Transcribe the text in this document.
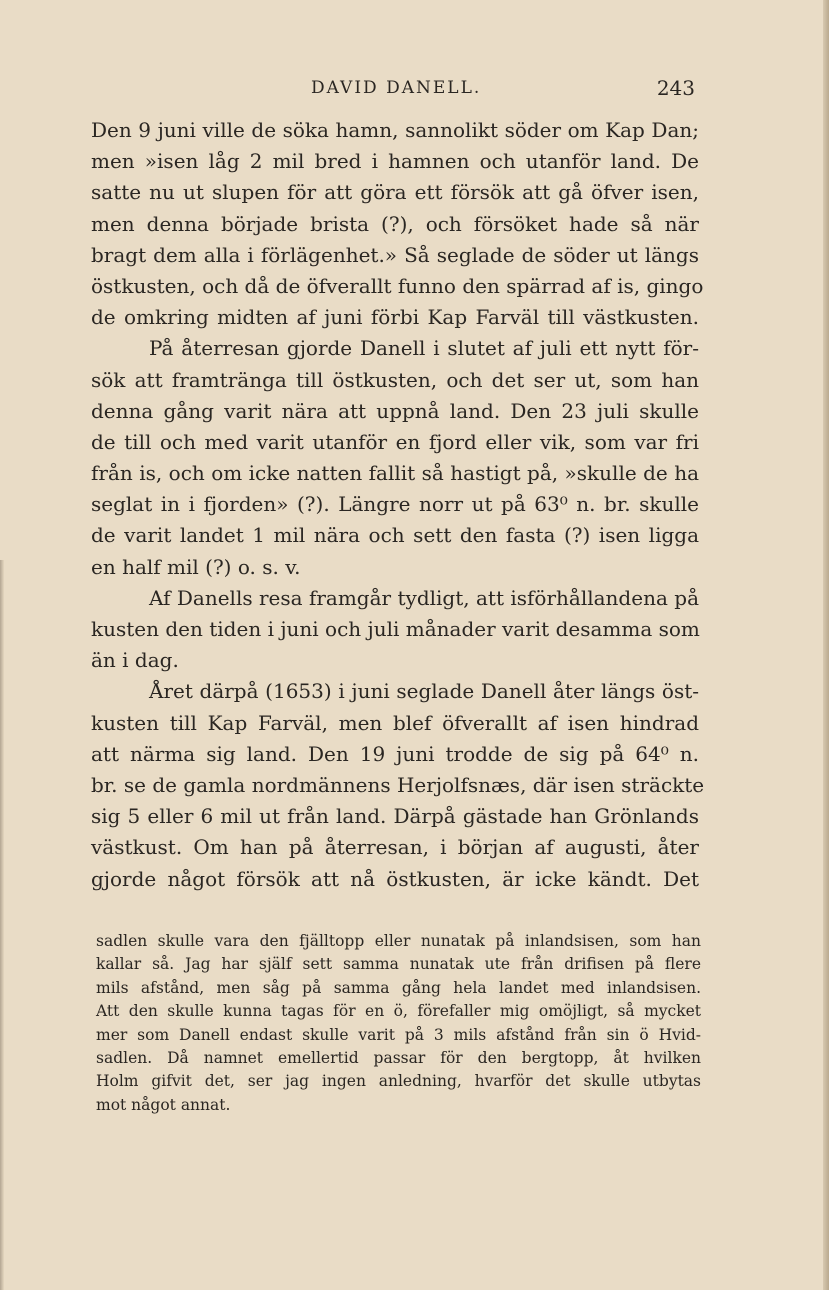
DAVID DANELL.	243
Den 9 juni ville de söka hamn, sannolikt söder om Kap Dan;
men »isen låg 2 mil bred i hamnen och utanför land. De
satte nu ut slupen för att göra ett försök att gå öfver isen,
men denna började brista (?), och försöket hade så när
bragt dem alla i förlägenhet.» Så seglade de söder ut längs
östkusten, och då de öfverallt funno den spärrad af is, gingo
de omkring midten af juni förbi Kap Farväl till västkusten.
På återresan gjorde Danell i slutet af juli ett nytt för-
sök att framtränga till östkusten, och det ser ut, som han
denna gång varit nära att uppnå land. Den 23 juli skulle
de till och med varit utanför en fjord eller vik, som var fri
från is, och om icke natten fallit så hastigt på, »skulle de ha
seglat in i fjorden» (?). Längre norr ut på 63⁰ n. br. skulle
de varit landet 1 mil nära och sett den fasta (?) isen ligga
en half mil (?) o. s. v.
Af Danells resa framgår tydligt, att isförhållandena på
kusten den tiden i juni och juli månader varit desamma som
än i dag.
Året därpå (1653) i juni seglade Danell åter längs öst-
kusten till Kap Farväl, men blef öfverallt af isen hindrad
att närma sig land. Den 19 juni trodde de sig på 64⁰ n.
br. se de gamla nordmännens Herjolfsnæs, där isen sträckte
sig 5 eller 6 mil ut från land. Därpå gästade han Grönlands
västkust. Om han på återresan, i början af augusti, åter
gjorde något försök att nå östkusten, är icke kändt. Det
sadlen skulle vara den fjälltopp eller nunatak på inlandsisen, som han
kallar så. Jag har själf sett samma nunatak ute från drifisen på flere
mils afstånd, men såg på samma gång hela landet med inlandsisen.
Att den skulle kunna tagas för en ö, förefaller mig omöjligt, så mycket
mer som Danell endast skulle varit på 3 mils afstånd från sin ö Hvid-
sadlen. Då namnet emellertid passar för den bergtopp, åt hvilken
Holm gifvit det, ser jag ingen anledning, hvarför det skulle utbytas
mot något annat.
